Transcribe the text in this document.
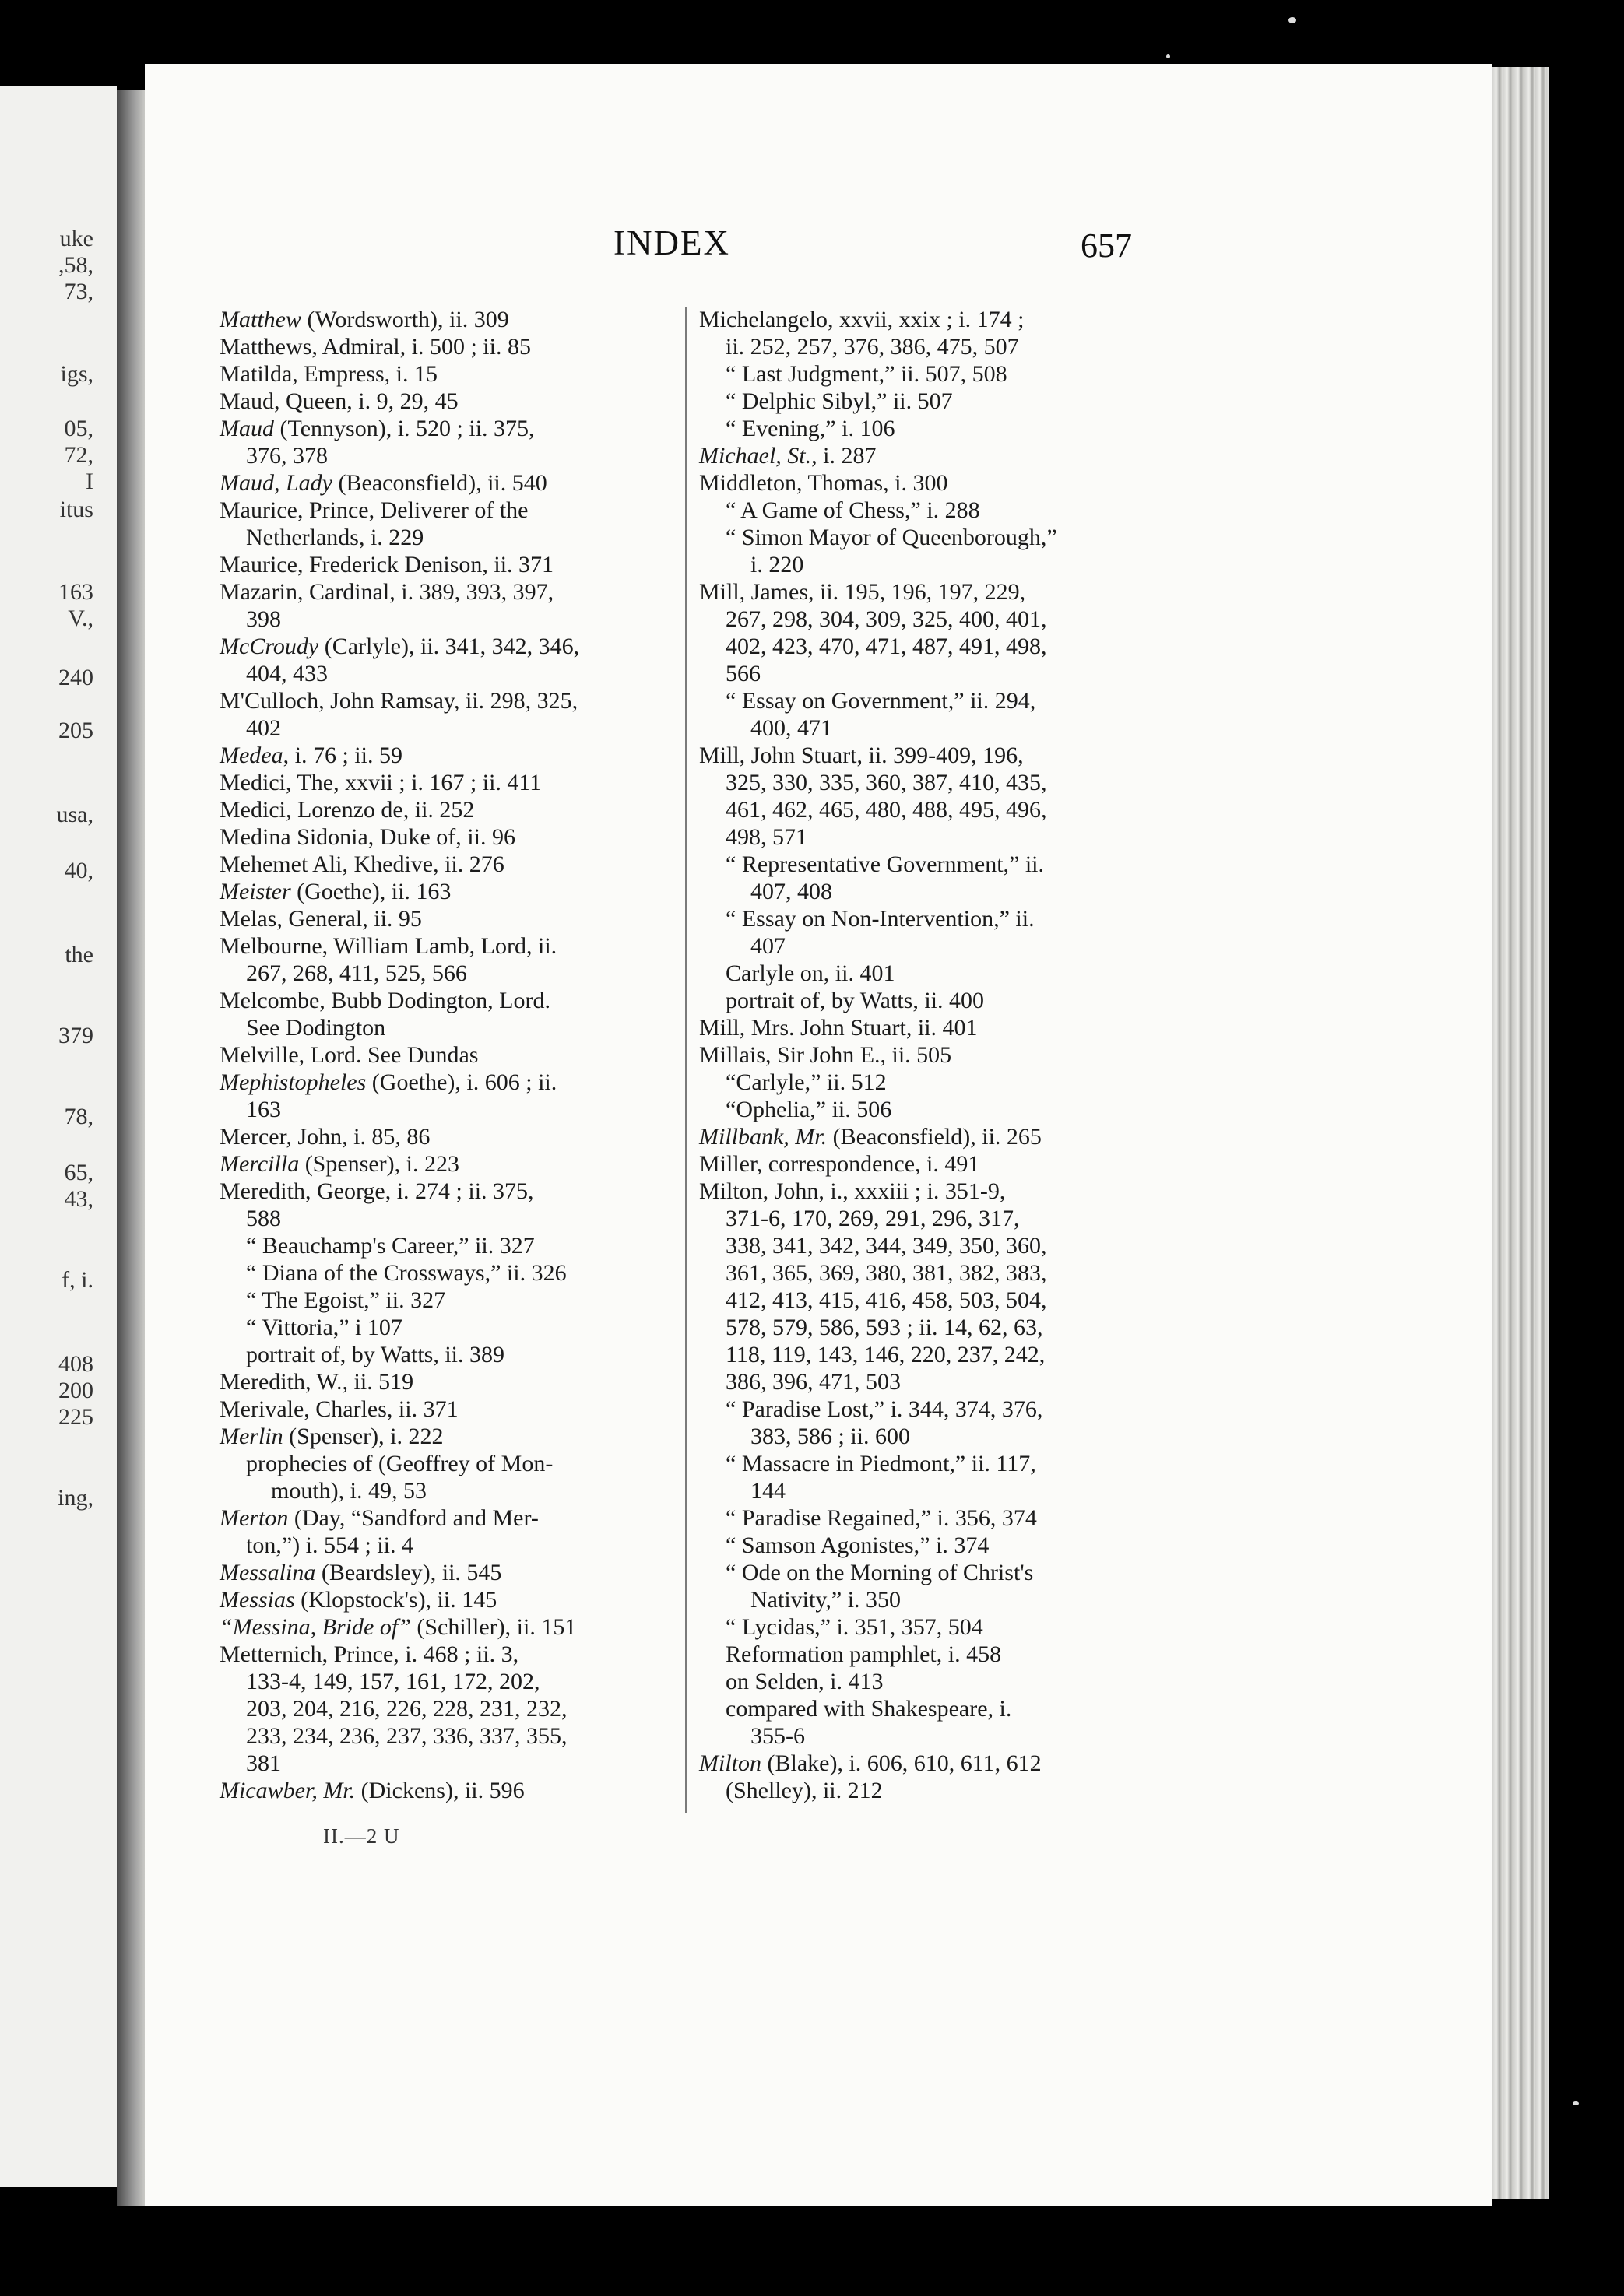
uke
,58,
73,
igs,
05,
72,
I
itus
163
V.,
240
205
usa,
40,
the
379
78,
65,
43,
f, i.
408
200
225
ing,
INDEX	657
Matthew (Wordsworth), ii. 309
Matthews, Admiral, i. 500 ; ii. 85
Matilda, Empress, i. 15
Maud, Queen, i. 9, 29, 45
Maud (Tennyson), i. 520 ; ii. 375,
376, 378
Maud, Lady (Beaconsfield), ii. 540
Maurice, Prince, Deliverer of the
Netherlands, i. 229
Maurice, Frederick Denison, ii. 371
Mazarin, Cardinal, i. 389, 393, 397,
398
McCroudy (Carlyle), ii. 341, 342, 346,
404, 433
M'Culloch, John Ramsay, ii. 298, 325,
402
Medea, i. 76 ; ii. 59
Medici, The, xxvii ; i. 167 ; ii. 411
Medici, Lorenzo de, ii. 252
Medina Sidonia, Duke of, ii. 96
Mehemet Ali, Khedive, ii. 276
Meister (Goethe), ii. 163
Melas, General, ii. 95
Melbourne, William Lamb, Lord, ii.
267, 268, 411, 525, 566
Melcombe, Bubb Dodington, Lord.
See Dodington
Melville, Lord. See Dundas
Mephistopheles (Goethe), i. 606 ; ii.
163
Mercer, John, i. 85, 86
Mercilla (Spenser), i. 223
Meredith, George, i. 274 ; ii. 375,
588
“ Beauchamp's Career,” ii. 327
“ Diana of the Crossways,” ii. 326
“ The Egoist,” ii. 327
“ Vittoria,” i 107
portrait of, by Watts, ii. 389
Meredith, W., ii. 519
Merivale, Charles, ii. 371
Merlin (Spenser), i. 222
prophecies of (Geoffrey of Mon-
mouth), i. 49, 53
Merton (Day, “Sandford and Mer-
ton,”) i. 554 ; ii. 4
Messalina (Beardsley), ii. 545
Messias (Klopstock's), ii. 145
“Messina, Bride of” (Schiller), ii. 151
Metternich, Prince, i. 468 ; ii. 3,
133-4, 149, 157, 161, 172, 202,
203, 204, 216, 226, 228, 231, 232,
233, 234, 236, 237, 336, 337, 355,
381
Micawber, Mr. (Dickens), ii. 596
Michelangelo, xxvii, xxix ; i. 174 ;
ii. 252, 257, 376, 386, 475, 507
“ Last Judgment,” ii. 507, 508
“ Delphic Sibyl,” ii. 507
“ Evening,” i. 106
Michael, St., i. 287
Middleton, Thomas, i. 300
“ A Game of Chess,” i. 288
“ Simon Mayor of Queenborough,”
i. 220
Mill, James, ii. 195, 196, 197, 229,
267, 298, 304, 309, 325, 400, 401,
402, 423, 470, 471, 487, 491, 498,
566
“ Essay on Government,” ii. 294,
400, 471
Mill, John Stuart, ii. 399-409, 196,
325, 330, 335, 360, 387, 410, 435,
461, 462, 465, 480, 488, 495, 496,
498, 571
“ Representative Government,” ii.
407, 408
“ Essay on Non-Intervention,” ii.
407
Carlyle on, ii. 401
portrait of, by Watts, ii. 400
Mill, Mrs. John Stuart, ii. 401
Millais, Sir John E., ii. 505
“Carlyle,” ii. 512
“Ophelia,” ii. 506
Millbank, Mr. (Beaconsfield), ii. 265
Miller, correspondence, i. 491
Milton, John, i., xxxiii ; i. 351-9,
371-6, 170, 269, 291, 296, 317,
338, 341, 342, 344, 349, 350, 360,
361, 365, 369, 380, 381, 382, 383,
412, 413, 415, 416, 458, 503, 504,
578, 579, 586, 593 ; ii. 14, 62, 63,
118, 119, 143, 146, 220, 237, 242,
386, 396, 471, 503
“ Paradise Lost,” i. 344, 374, 376,
383, 586 ; ii. 600
“ Massacre in Piedmont,” ii. 117,
144
“ Paradise Regained,” i. 356, 374
“ Samson Agonistes,” i. 374
“ Ode on the Morning of Christ's
Nativity,” i. 350
“ Lycidas,” i. 351, 357, 504
Reformation pamphlet, i. 458
on Selden, i. 413
compared with Shakespeare, i.
355-6
Milton (Blake), i. 606, 610, 611, 612
(Shelley), ii. 212
II.—2 U
